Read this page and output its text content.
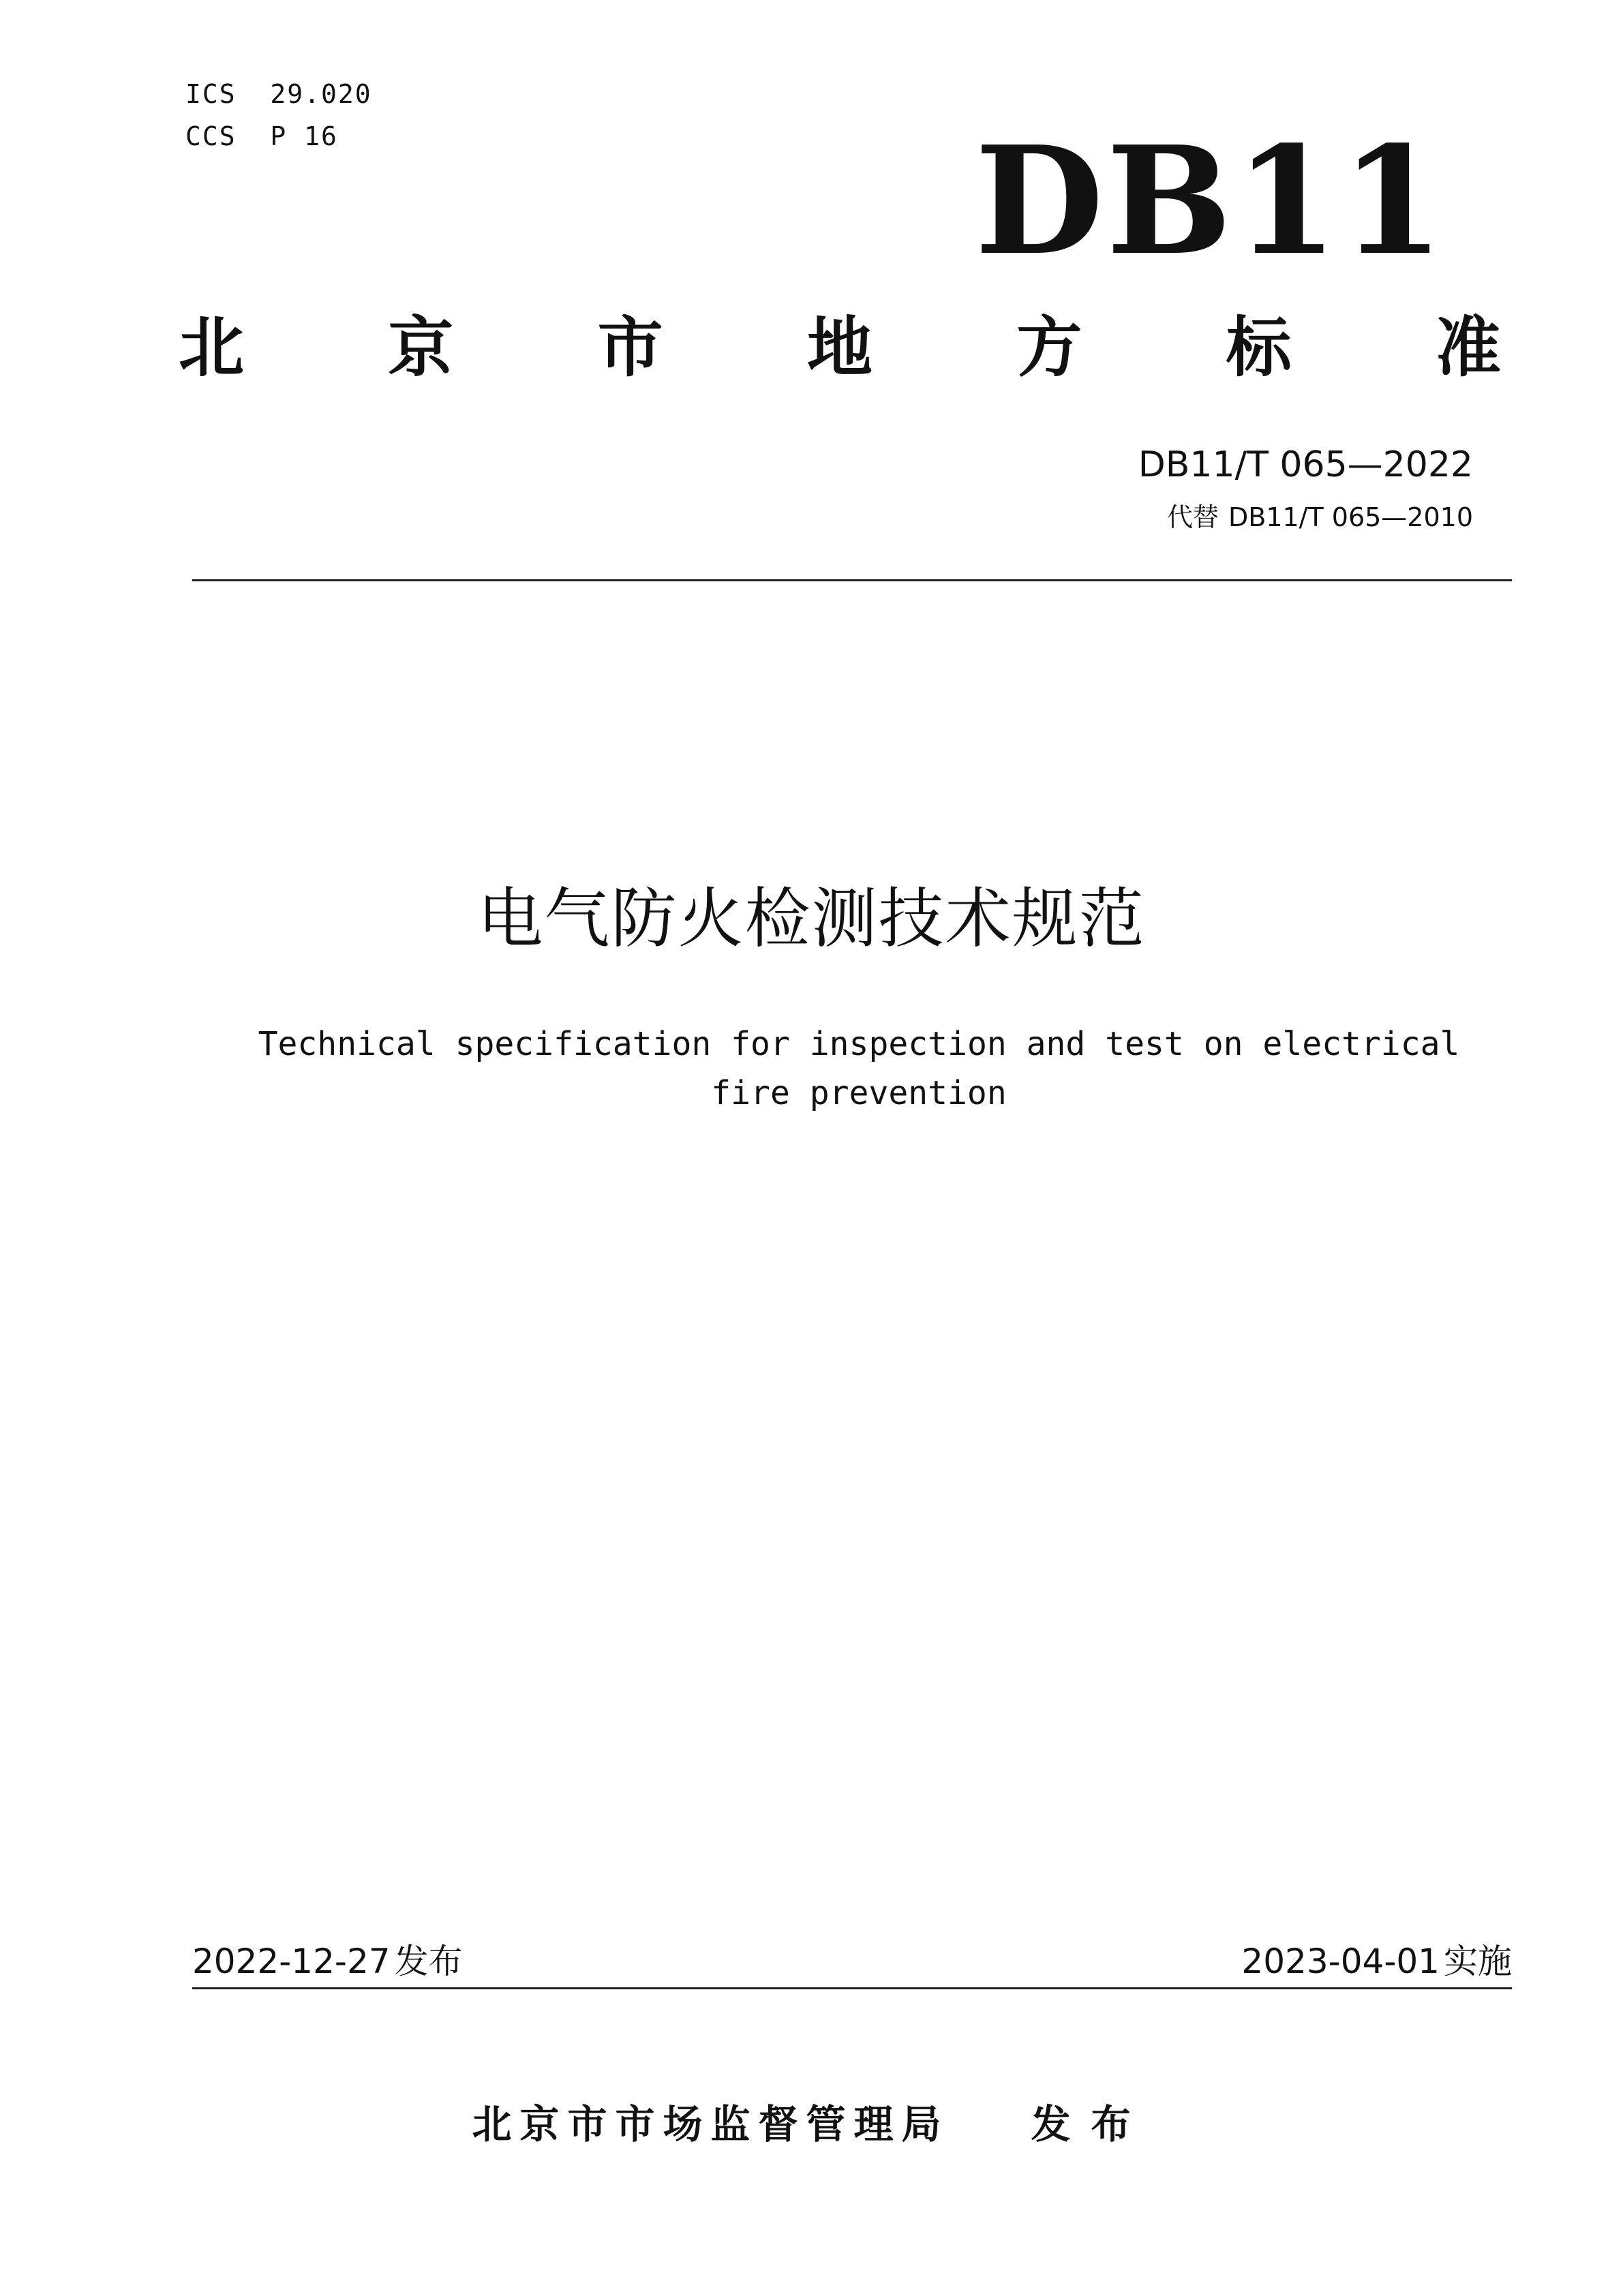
ICS  29.020
CCS  P 16	DB11
北 京 市 地 方 标 准
DB11/T 065—2022
代替 DB11/T 065—2010
电气防火检测技术规范
Technical specification for inspection and test on electrical fire prevention
2022-12-27 发布	2023-04-01 实施
北京市市场监督管理局 发布
